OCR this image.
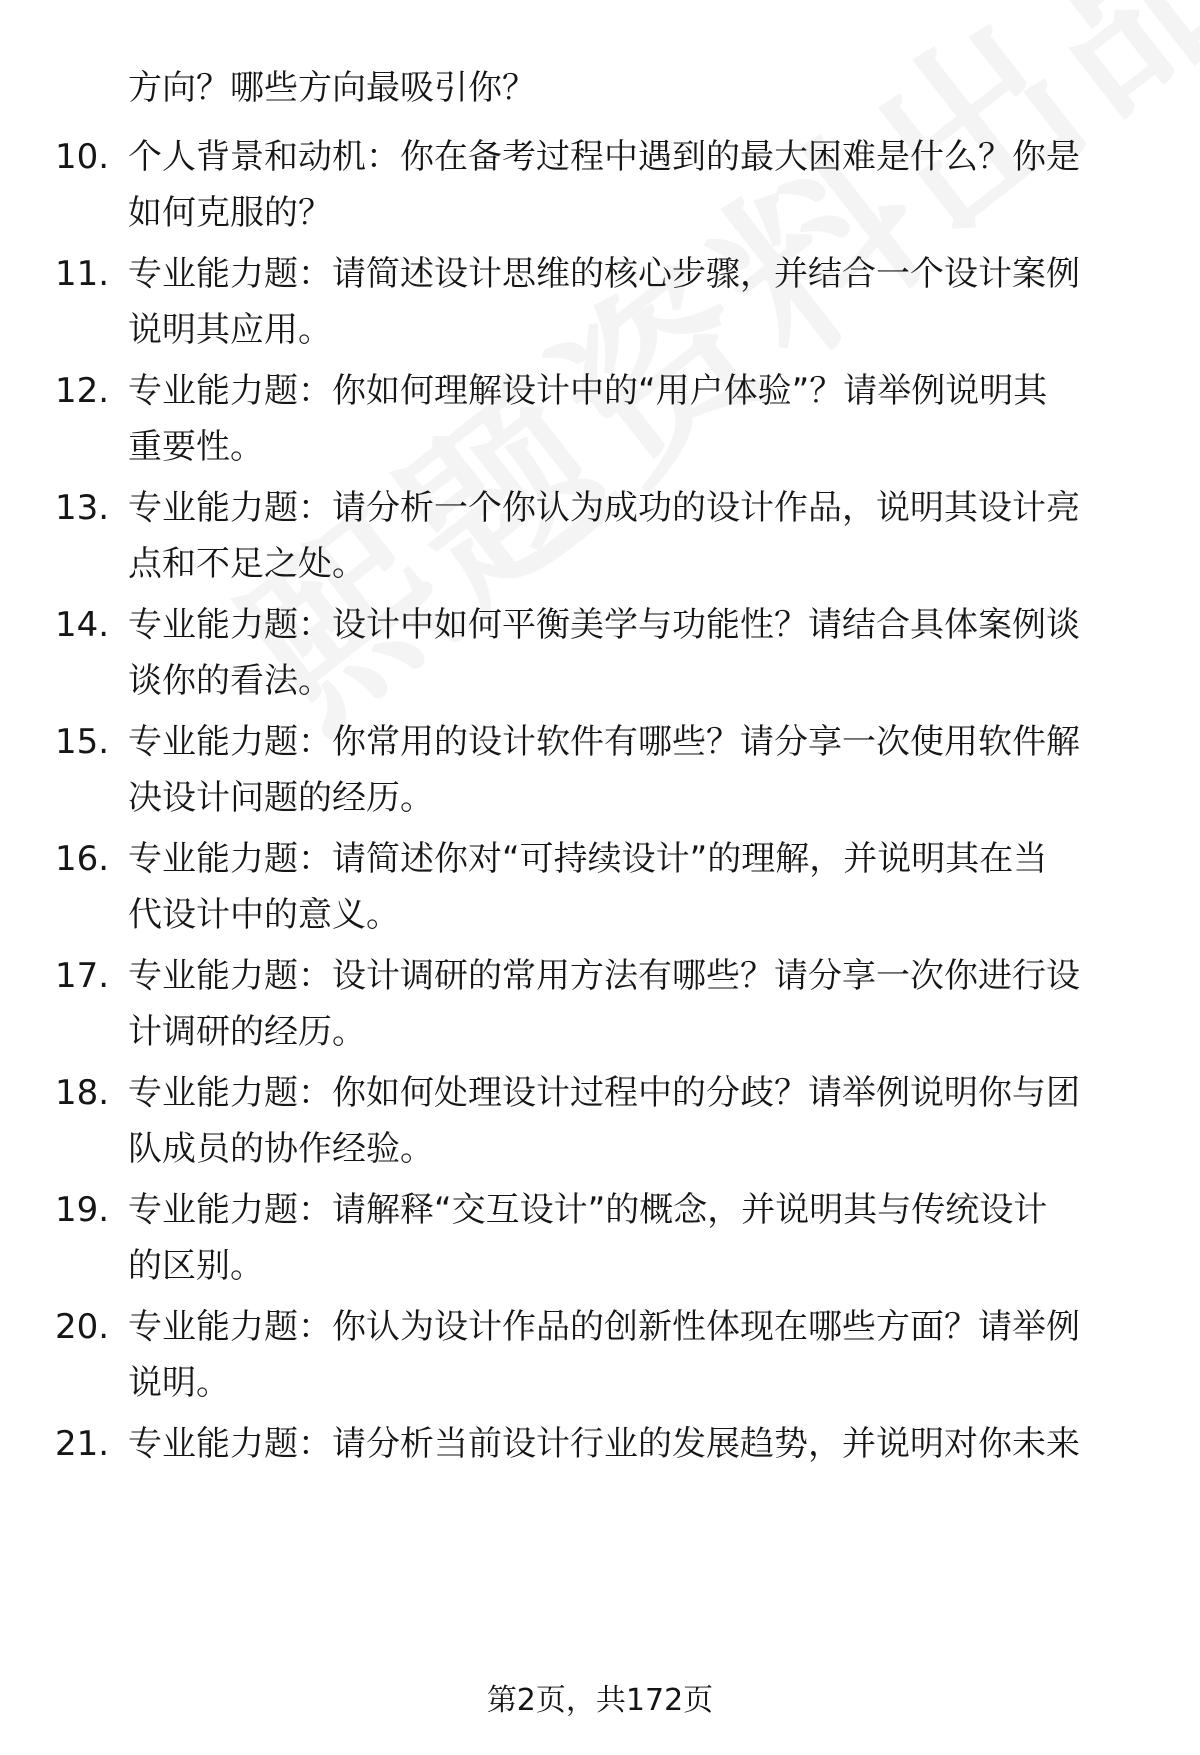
方向？哪些方向最吸引你？
10. 个人背景和动机：你在备考过程中遇到的最大困难是什么？你是
如何克服的？
11. 专业能力题：请简述设计思维的核心步骤，并结合一个设计案例
说明其应用。
12. 专业能力题：你如何理解设计中的“用户体验”？请举例说明其
重要性。
13. 专业能力题：请分析一个你认为成功的设计作品，说明其设计亮
点和不足之处。
14. 专业能力题：设计中如何平衡美学与功能性？请结合具体案例谈
谈你的看法。
15. 专业能力题：你常用的设计软件有哪些？请分享一次使用软件解
决设计问题的经历。
16. 专业能力题：请简述你对“可持续设计”的理解，并说明其在当
代设计中的意义。
17. 专业能力题：设计调研的常用方法有哪些？请分享一次你进行设
计调研的经历。
18. 专业能力题：你如何处理设计过程中的分歧？请举例说明你与团
队成员的协作经验。
19. 专业能力题：请解释“交互设计”的概念，并说明其与传统设计
的区别。
20. 专业能力题：你认为设计作品的创新性体现在哪些方面？请举例
说明。
21. 专业能力题：请分析当前设计行业的发展趋势，并说明对你未来
第2页，共172页
